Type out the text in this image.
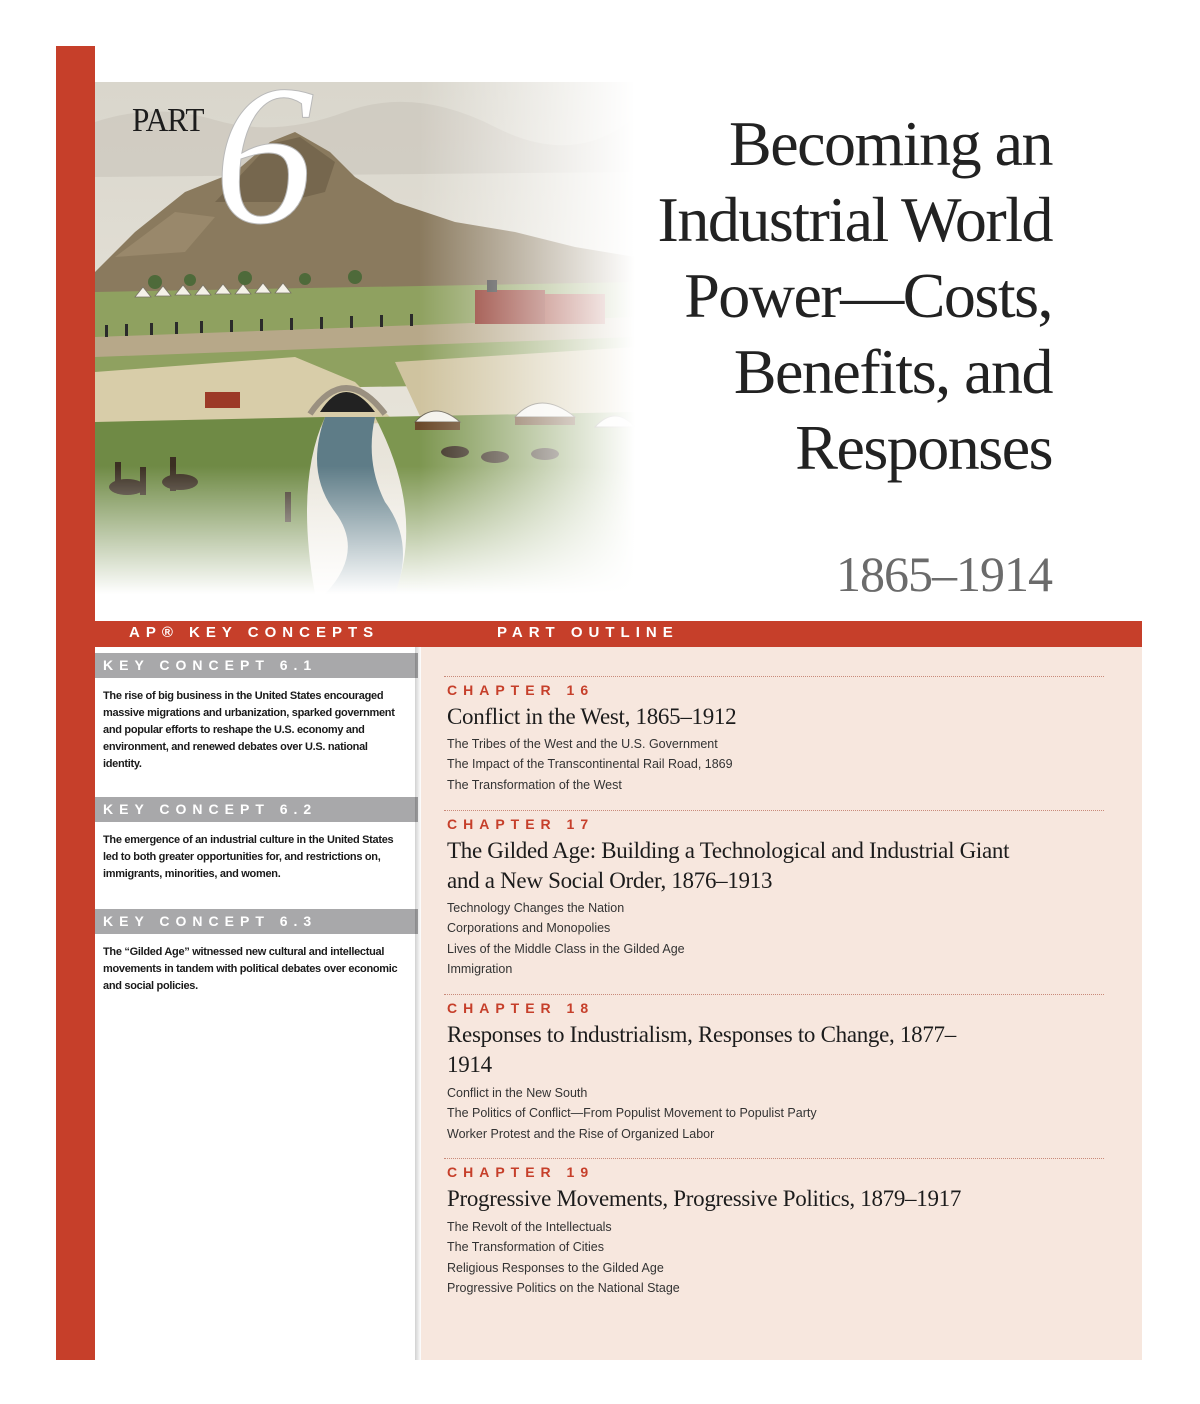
6
PART	Becoming an
Industrial World
Power—Costs,
Benefits, and
Responses
1865–1914
AP® KEY CONCEPTS	PART OUTLINE
KEY CONCEPT 6.1
The rise of big business in the United States encouraged massive migrations and urbanization, sparked government and popular efforts to reshape the U.S. economy and environment, and renewed debates over U.S. national identity.
KEY CONCEPT 6.2
The emergence of an industrial culture in the United States led to both greater opportunities for, and restrictions on, immigrants, minorities, and women.
KEY CONCEPT 6.3
The “Gilded Age” witnessed new cultural and intellectual movements in tandem with political debates over economic and social policies.
CHAPTER 16
Conflict in the West, 1865–1912
The Tribes of the West and the U.S. Government
The Impact of the Transcontinental Rail Road, 1869
The Transformation of the West
CHAPTER 17
The Gilded Age: Building a Technological and Industrial Giant and a New Social Order, 1876–1913
Technology Changes the Nation
Corporations and Monopolies
Lives of the Middle Class in the Gilded Age
Immigration
CHAPTER 18
Responses to Industrialism, Responses to Change, 1877–1914
Conflict in the New South
The Politics of Conflict—From Populist Movement to Populist Party
Worker Protest and the Rise of Organized Labor
CHAPTER 19
Progressive Movements, Progressive Politics, 1879–1917
The Revolt of the Intellectuals
The Transformation of Cities
Religious Responses to the Gilded Age
Progressive Politics on the National Stage
